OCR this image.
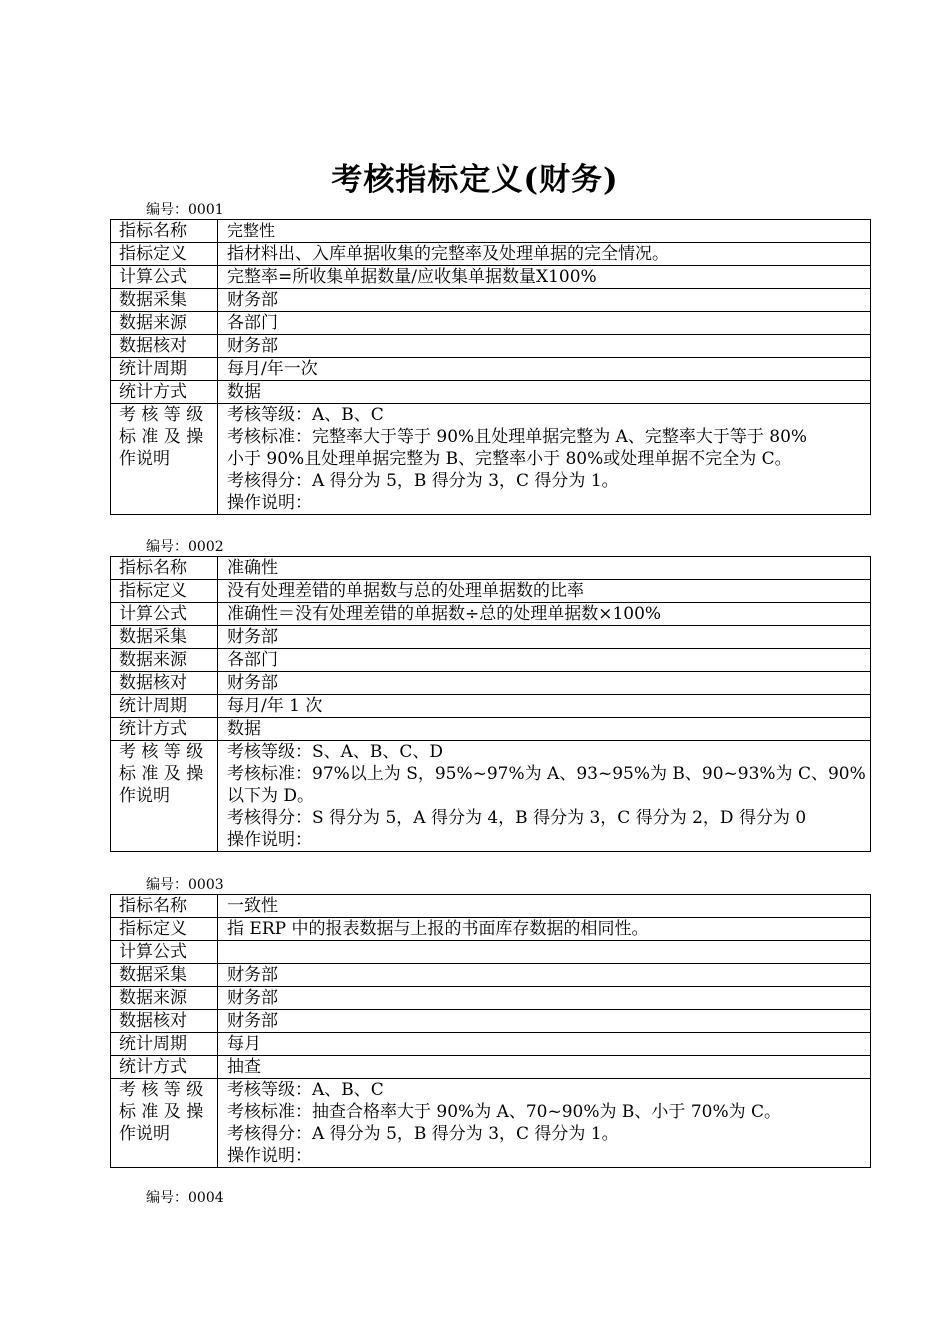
考核指标定义(财务)
编号：0001
指标名称	完整性
指标定义	指材料出、入库单据收集的完整率及处理单据的完全情况。
计算公式	完整率=所收集单据数量/应收集单据数量X100%
数据采集	财务部
数据来源	各部门
数据核对	财务部
统计周期	每月/年一次
统计方式	数据

考 核 等 级
标 准 及 操
作说明	考核等级：A、B、C
考核标准：完整率大于等于 90%且处理单据完整为 A、完整率大于等于 80%
小于 90%且处理单据完整为 B、完整率小于 80%或处理单据不完全为 C。
考核得分：A 得分为 5，B 得分为 3，C 得分为 1。
操作说明：
编号：0002
指标名称	准确性
指标定义	没有处理差错的单据数与总的处理单据数的比率
计算公式	准确性＝没有处理差错的单据数÷总的处理单据数×100%
数据采集	财务部
数据来源	各部门
数据核对	财务部
统计周期	每月/年 1 次
统计方式	数据

考 核 等 级
标 准 及 操
作说明	考核等级：S、A、B、C、D
考核标准：97%以上为 S，95%~97%为 A、93~95%为 B、90~93%为 C、90%
以下为 D。
考核得分：S 得分为 5，A 得分为 4，B 得分为 3，C 得分为 2，D 得分为 0
操作说明：
编号：0003
指标名称	一致性
指标定义	指 ERP 中的报表数据与上报的书面库存数据的相同性。
计算公式	
数据采集	财务部
数据来源	财务部
数据核对	财务部
统计周期	每月
统计方式	抽查

考 核 等 级
标 准 及 操
作说明	考核等级：A、B、C
考核标准：抽查合格率大于 90%为 A、70~90%为 B、小于 70%为 C。
考核得分：A 得分为 5，B 得分为 3，C 得分为 1。
操作说明：
编号：0004
